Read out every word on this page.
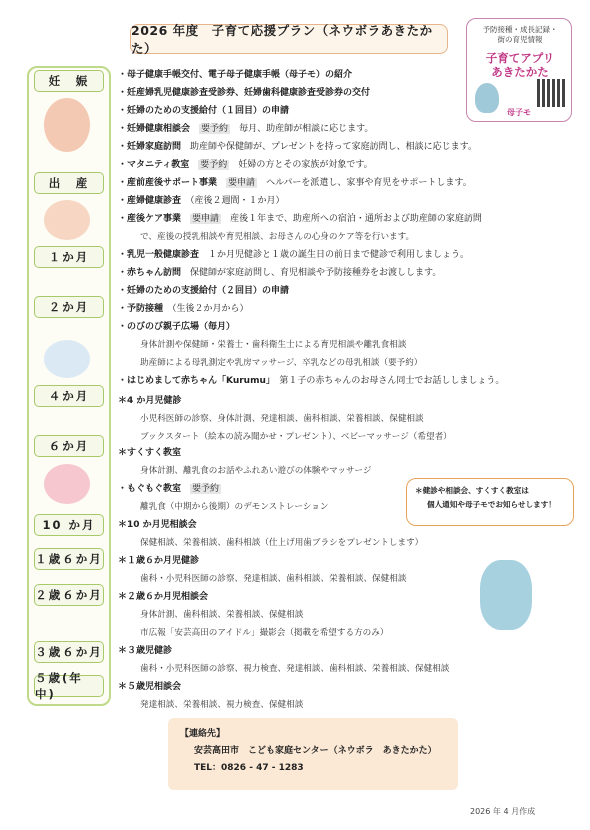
2026 年度　子育て応援プラン（ネウボラあきたかた）
予防接種・成長記録・
街の育児情報
子育てアプリ
あきたかた
母子モ
妊　娠
出　産
１か月
２か月
４か月
６か月
10 か月
１歳６か月
２歳６か月
３歳６か月
５歳(年中)
・母子健康手帳交付、電子母子健康手帳（母子モ）の紹介
・妊産婦乳児健康診査受診券、妊婦歯科健康診査受診券の交付
・妊婦のための支援給付（１回目）の申請
・妊婦健康相談会　 要予約　 毎月、助産師が相談に応じます。
・妊婦家庭訪問　 助産師や保健師が、プレゼントを持って家庭訪問し、相談に応じます。
・マタニティ教室　 要予約　 妊婦の方とその家族が対象です。
・産前産後サポート事業　 要申請　 ヘルパーを派遣し、家事や育児をサポートします。
・産婦健康診査　 （産後２週間・１か月）
・産後ケア事業　 要申請　 産後１年まで、助産所への宿泊・通所および助産師の家庭訪問
で、産後の授乳相談や育児相談、お母さんの心身のケア等を行います。
・乳児一般健康診査　 １か月児健診と１歳の誕生日の前日まで健診で利用しましょう。
・赤ちゃん訪問　 保健師が家庭訪問し、育児相談や予防接種券をお渡しします。
・妊婦のための支援給付（２回目）の申請
・予防接種　 （生後２か月から）
・のびのび親子広場（毎月）
身体計測や保健師・栄養士・歯科衛生士による育児相談や離乳食相談
助産師による母乳測定や乳房マッサージ、卒乳などの母乳相談（要予約）
・はじめまして赤ちゃん「Kurumu」　 第１子の赤ちゃんのお母さん同士でお話ししましょう。
＊4 か月児健診
小児科医師の診察、身体計測、発達相談、歯科相談、栄養相談、保健相談
ブックスタート（絵本の読み聞かせ・プレゼント）、ベビーマッサージ（希望者）
＊すくすく教室
身体計測、離乳食のお話やふれあい遊びの体験やマッサージ
・もぐもぐ教室　 要予約
離乳食（中期から後期）のデモンストレーション
＊10 か月児相談会
保健相談、栄養相談、歯科相談（仕上げ用歯ブラシをプレゼントします）
＊１歳６か月児健診
歯科・小児科医師の診察、発達相談、歯科相談、栄養相談、保健相談
＊２歳６か月児相談会
身体計測、歯科相談、栄養相談、保健相談
市広報「安芸高田のアイドル」撮影会（掲載を希望する方のみ）
＊３歳児健診
歯科・小児科医師の診察、視力検査、発達相談、歯科相談、栄養相談、保健相談
＊５歳児相談会
発達相談、栄養相談、視力検査、保健相談
＊健診や相談会、すくすく教室は
個人通知や母子モでお知らせします！
【連絡先】
安芸高田市　こども家庭センター（ネウボラ　あきたかた）
TEL：0826 - 47 - 1283
2026 年 4 月作成
